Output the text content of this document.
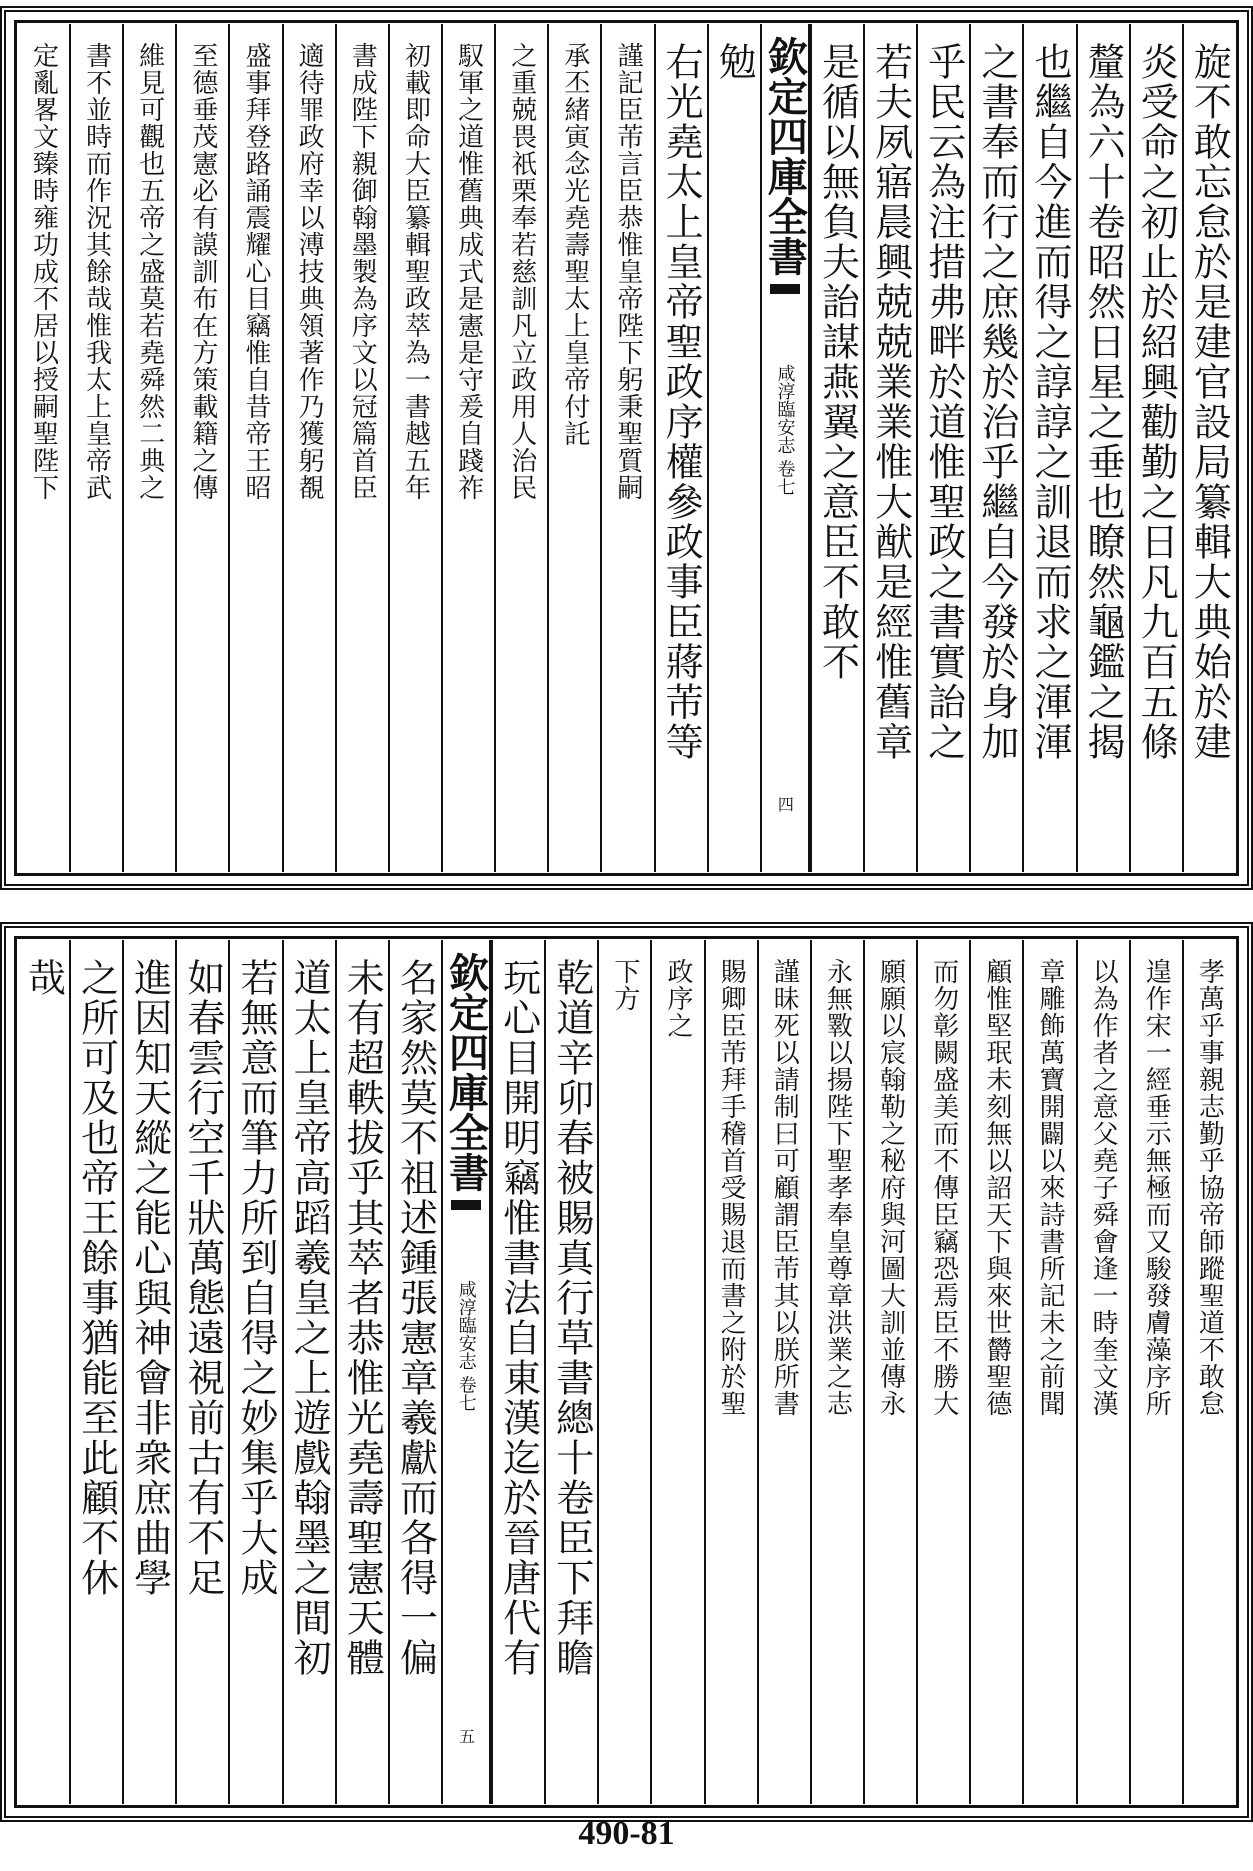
旋不敢忘怠於是建官設局纂輯大典始於建
炎受命之初止於紹興勸勤之日凡九百五條
釐為六十卷昭然日星之垂也瞭然龜鑑之揭
也繼自今進而得之諄諄之訓退而求之渾渾
之書奉而行之庶幾於治乎繼自今發於身加
乎民云為注措弗畔於道惟聖政之書實詒之
若夫夙寤晨興兢兢業業惟大猷是經惟舊章
是循以無負夫詒謀燕翼之意臣不敢不
欽定四庫全書
咸淳臨安志 卷七
四
勉
右光堯太上皇帝聖政序權參政事臣蔣芾等
謹記臣芾言臣恭惟皇帝陛下躬秉聖質嗣
承丕緒寅念光堯壽聖太上皇帝付託
之重兢畏祇栗奉若慈訓凡立政用人治民
馭軍之道惟舊典成式是憲是守爰自踐祚
初載即命大臣纂輯聖政萃為一書越五年
書成陛下親御翰墨製為序文以冠篇首臣
適待罪政府幸以溥技典領著作乃獲躬覩
盛事拜登路誦震耀心目竊惟自昔帝王昭
至德垂茂憲必有謨訓布在方策載籍之傳
維見可觀也五帝之盛莫若堯舜然二典之
書不並時而作況其餘哉惟我太上皇帝武
定亂畧文臻時雍功成不居以授嗣聖陛下
孝萬乎事親志勤乎協帝師蹤聖道不敢怠
遑作宋一經垂示無極而又駿發膚藻序所
以為作者之意父堯子舜會逢一時奎文漢
章雕飾萬寶開闢以來詩書所記未之前聞
顧惟堅珉未刻無以詔天下與來世欝聖德
而勿彰闕盛美而不傳臣竊恐焉臣不勝大
願願以宸翰勒之秘府與河圖大訓並傳永
永無斁以揚陛下聖孝奉皇尊章洪業之志
謹昧死以請制曰可顧謂臣芾其以朕所書
賜卿臣芾拜手稽首受賜退而書之附於聖
政序之
下方
乾道辛卯春被賜真行草書總十卷臣下拜瞻
玩心目開明竊惟書法自東漢迄於晉唐代有
欽定四庫全書
咸淳臨安志 卷七
五
名家然莫不祖述鍾張憲章羲獻而各得一偏
未有超軼拔乎其萃者恭惟光堯壽聖憲天體
道太上皇帝高蹈羲皇之上遊戲翰墨之間初
若無意而筆力所到自得之妙集乎大成
如春雲行空千狀萬態遠視前古有不足
進因知天縱之能心與神會非衆庶曲學
之所可及也帝王餘事猶能至此顧不休
哉
490-81
